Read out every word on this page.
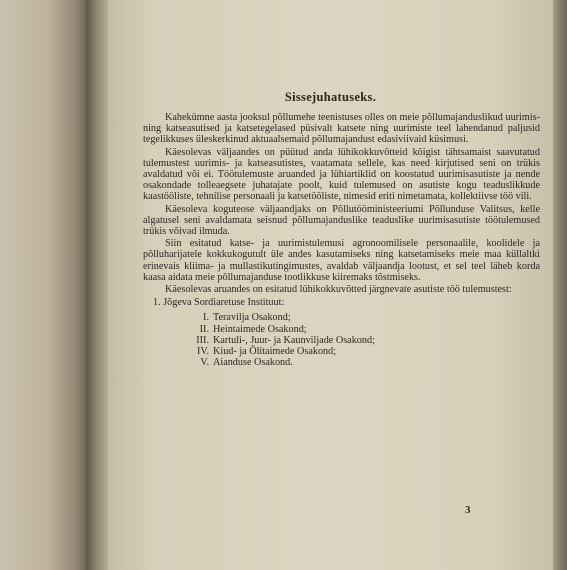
Sissejuhatuseks.

Kahekümne aasta jooksul põllumehe teenistuses olles on meie põllumajanduslikud uurimis- ning katseasutised ja katsetegelased püsivalt katsete ning uurimiste teel lahendanud paljusid tegelikkuses üleskerkinud aktuaalsemaid põllumajandust edasiviivaid küsimusi.

Käesolevas väljaandes on püütud anda lühikokkuvõtteid kõigist tähtsamaist saavutatud tulemustest uurimis- ja katseasutistes, vaatamata sellele, kas need kirjutised seni on trükis avaldatud või ei. Töötulemuste aruanded ja lühiartiklid on koostatud uurimisasutiste ja nende osakondade tolleaegsete juhatajate poolt, kuid tulemused on asutiste kogu teaduslikkude kaastööliste, tehnilise personaali ja katsetööliste, nimesid eriti nimetamata, kollektiivse töö vili.

Käesoleva koguteose väljaandjaks on Põllutööministeeriumi Põllunduse Valitsus, kelle algatusel seni avaldamata seisnud põllumajanduslike teaduslike uurimisasutiste töötulemused trükis võivad ilmuda.

Siin esitatud katse- ja uurimistulemusi agronoomilisele personaalile, koolidele ja põlluharijatele kokkukogutult üle andes kasutamiseks ning katsetamiseks meie maa küllaltki erinevais kliima- ja mullastikutingimustes, avaldab väljaandja lootust, et sel teel läheb korda kaasa aidata meie põllumajanduse tootlikkuse kiiremaks tõstmiseks.

Käesolevas aruandes on esitatud lühikokkuvõtted järgnevate asutiste töö tulemustest:

1. Jõgeva Sordiaretuse Instituut:
I. Teravilja Osakond;
II. Heintaimede Osakond;
III. Kartuli-, Juur- ja Kaunviljade Osakond;
IV. Kiud- ja Õlitaimede Osakond;
V. Aianduse Osakond.
3
